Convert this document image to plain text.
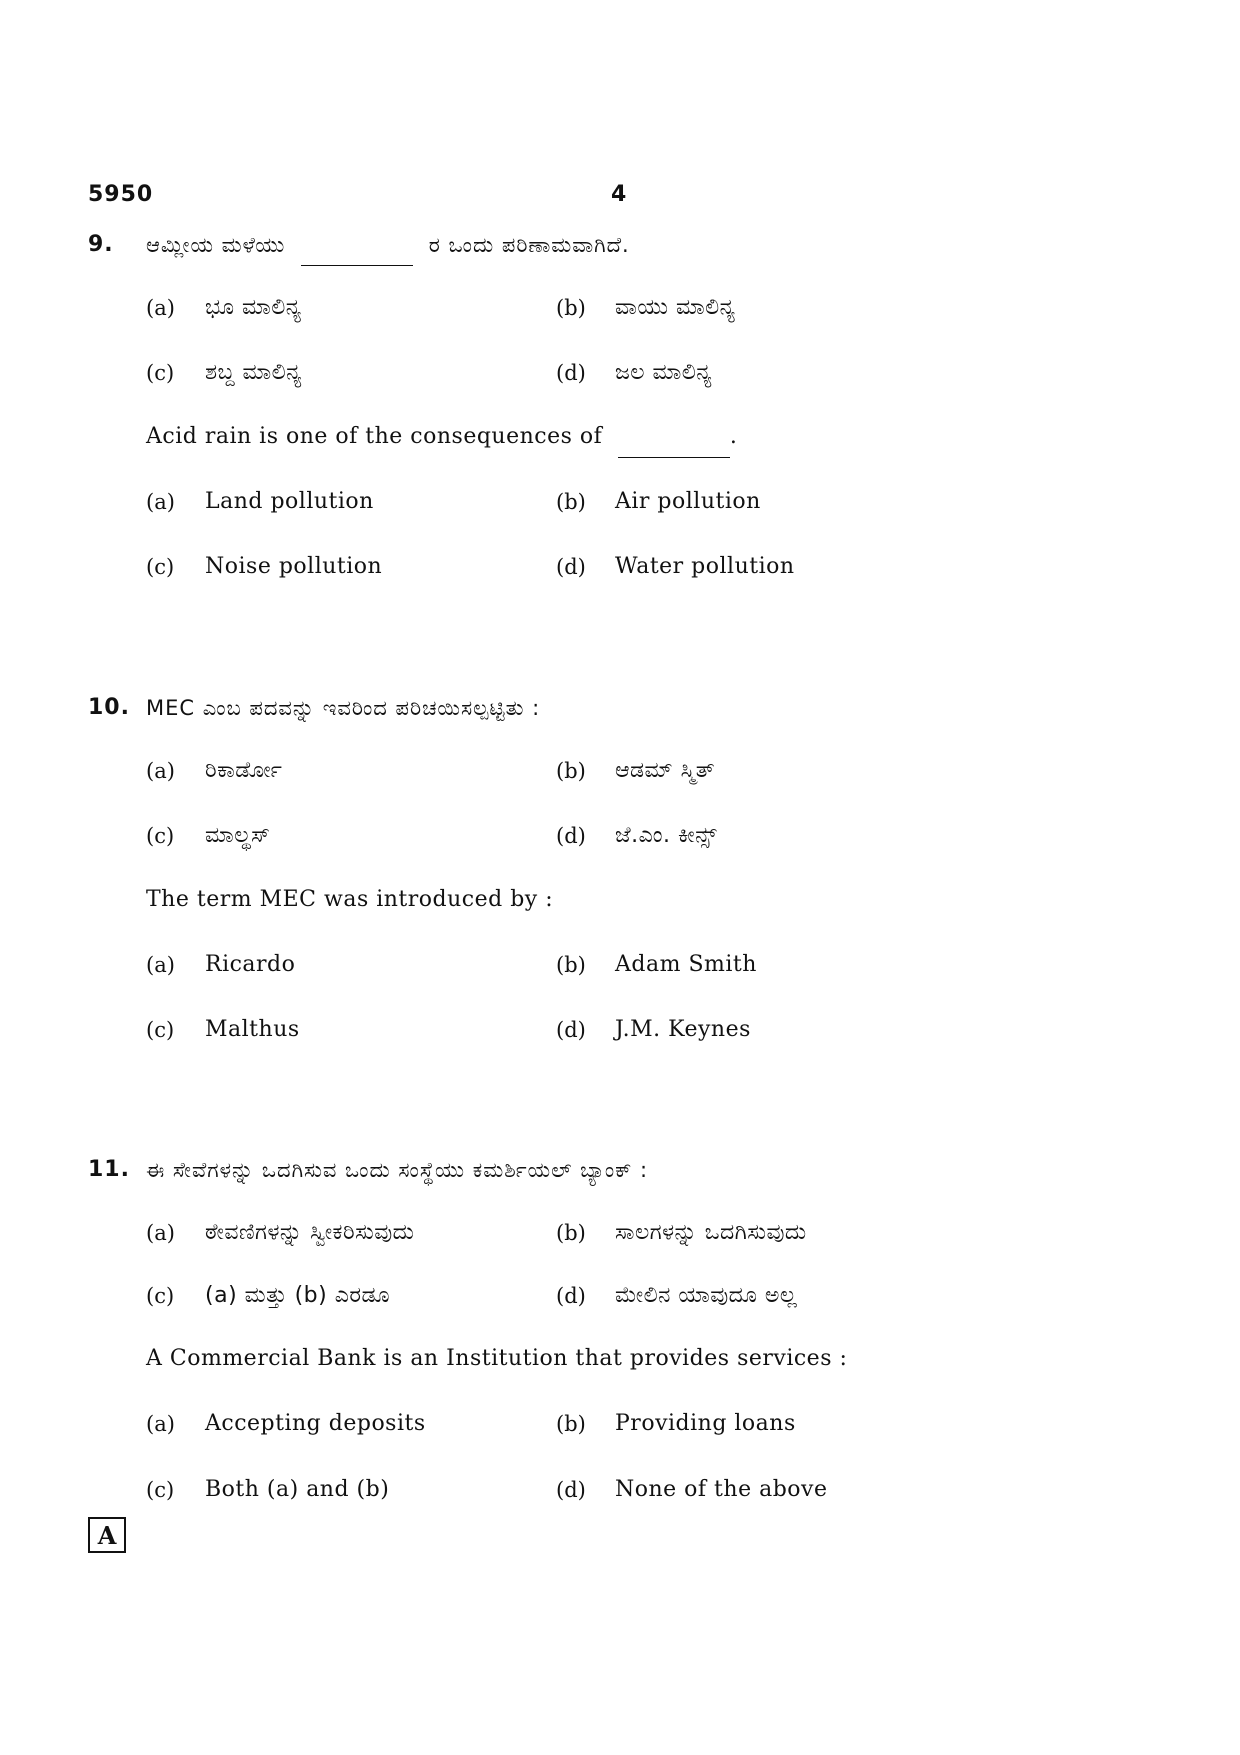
5950	4
9. ಆಮ್ಲೀಯ ಮಳೆಯು	ರ ಒಂದು ಪರಿಣಾಮವಾಗಿದೆ.
(a) ಭೂ ಮಾಲಿನ್ಯ	(b) ವಾಯು ಮಾಲಿನ್ಯ
(c) ಶಬ್ದ ಮಾಲಿನ್ಯ	(d) ಜಲ ಮಾಲಿನ್ಯ
Acid rain is one of the consequences of	.
(a) Land pollution	(b) Air pollution
(c) Noise pollution	(d) Water pollution
10. MEC ಎಂಬ ಪದವನ್ನು ಇವರಿಂದ ಪರಿಚಯಿಸಲ್ಪಟ್ಟಿತು :
(a) ರಿಕಾರ್ಡೋ	(b) ಆಡಮ್ ಸ್ಮಿತ್
(c) ಮಾಲ್ಥಸ್	(d) ಜೆ.ಎಂ. ಕೀನ್ಸ್
The term MEC was introduced by :
(a) Ricardo	(b) Adam Smith
(c) Malthus	(d) J.M. Keynes
11. ಈ ಸೇವೆಗಳನ್ನು ಒದಗಿಸುವ ಒಂದು ಸಂಸ್ಥೆಯು ಕಮರ್ಶಿಯಲ್ ಬ್ಯಾಂಕ್ :
(a) ಠೇವಣಿಗಳನ್ನು ಸ್ವೀಕರಿಸುವುದು	(b) ಸಾಲಗಳನ್ನು ಒದಗಿಸುವುದು
(c) (a) ಮತ್ತು (b) ಎರಡೂ	(d) ಮೇಲಿನ ಯಾವುದೂ ಅಲ್ಲ
A Commercial Bank is an Institution that provides services :
(a) Accepting deposits	(b) Providing loans
(c) Both (a) and (b)	(d) None of the above
A
